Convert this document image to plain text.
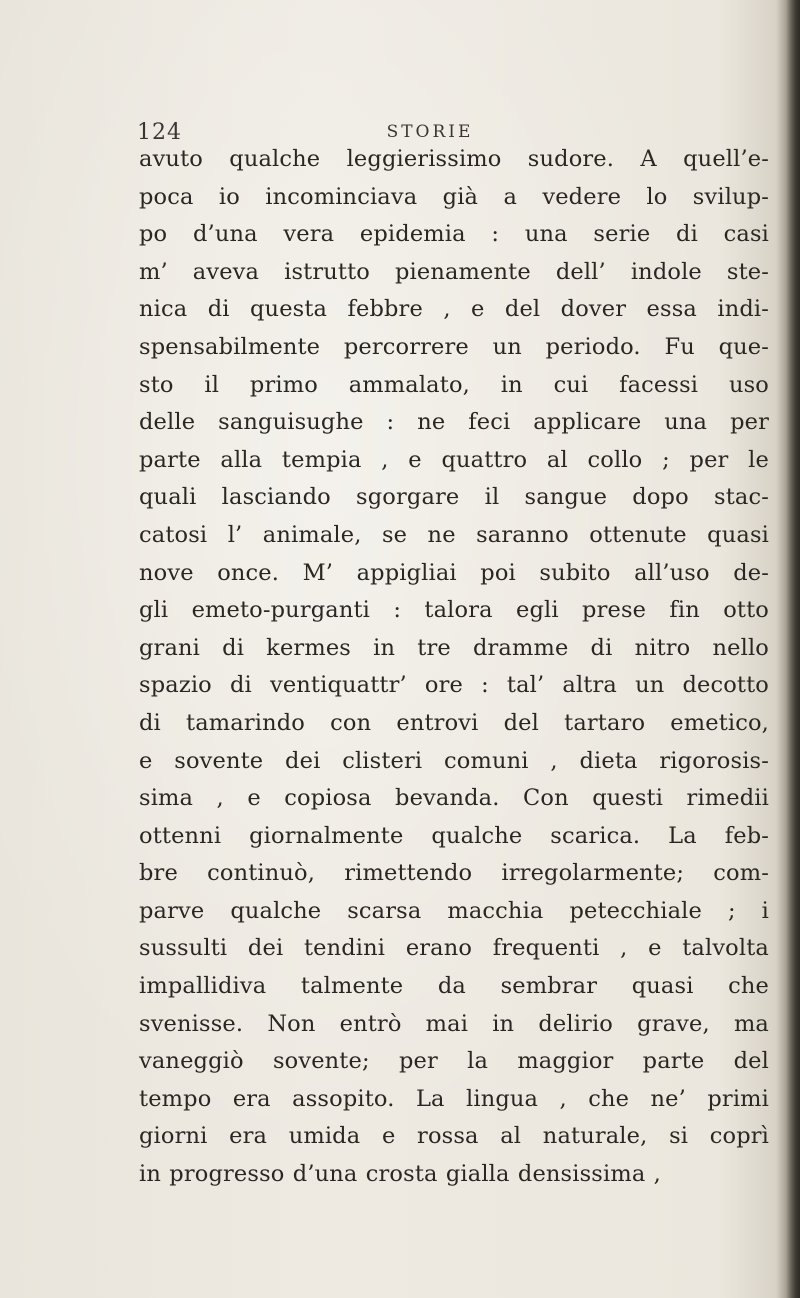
124	STORIE
avuto qualche leggierissimo sudore. A quell’e-
poca io incominciava già a vedere lo svilup-
po d’una vera epidemia : una serie di casi
m’ aveva istrutto pienamente dell’ indole ste-
nica di questa febbre , e del dover essa indi-
spensabilmente percorrere un periodo. Fu que-
sto il primo ammalato, in cui facessi uso
delle sanguisughe : ne feci applicare una per
parte alla tempia , e quattro al collo ; per le
quali lasciando sgorgare il sangue dopo stac-
catosi l’ animale, se ne saranno ottenute quasi
nove once. M’ appigliai poi subito all’uso de-
gli emeto-purganti : talora egli prese fin otto
grani di kermes in tre dramme di nitro nello
spazio di ventiquattr’ ore : tal’ altra un decotto
di tamarindo con entrovi del tartaro emetico,
e sovente dei clisteri comuni , dieta rigorosis-
sima , e copiosa bevanda. Con questi rimedii
ottenni giornalmente qualche scarica. La feb-
bre continuò, rimettendo irregolarmente; com-
parve qualche scarsa macchia petecchiale ; i
sussulti dei tendini erano frequenti , e talvolta
impallidiva talmente da sembrar quasi che
svenisse. Non entrò mai in delirio grave, ma
vaneggiò sovente; per la maggior parte del
tempo era assopito. La lingua , che ne’ primi
giorni era umida e rossa al naturale, si coprì
in progresso d’una crosta gialla densissima ,
